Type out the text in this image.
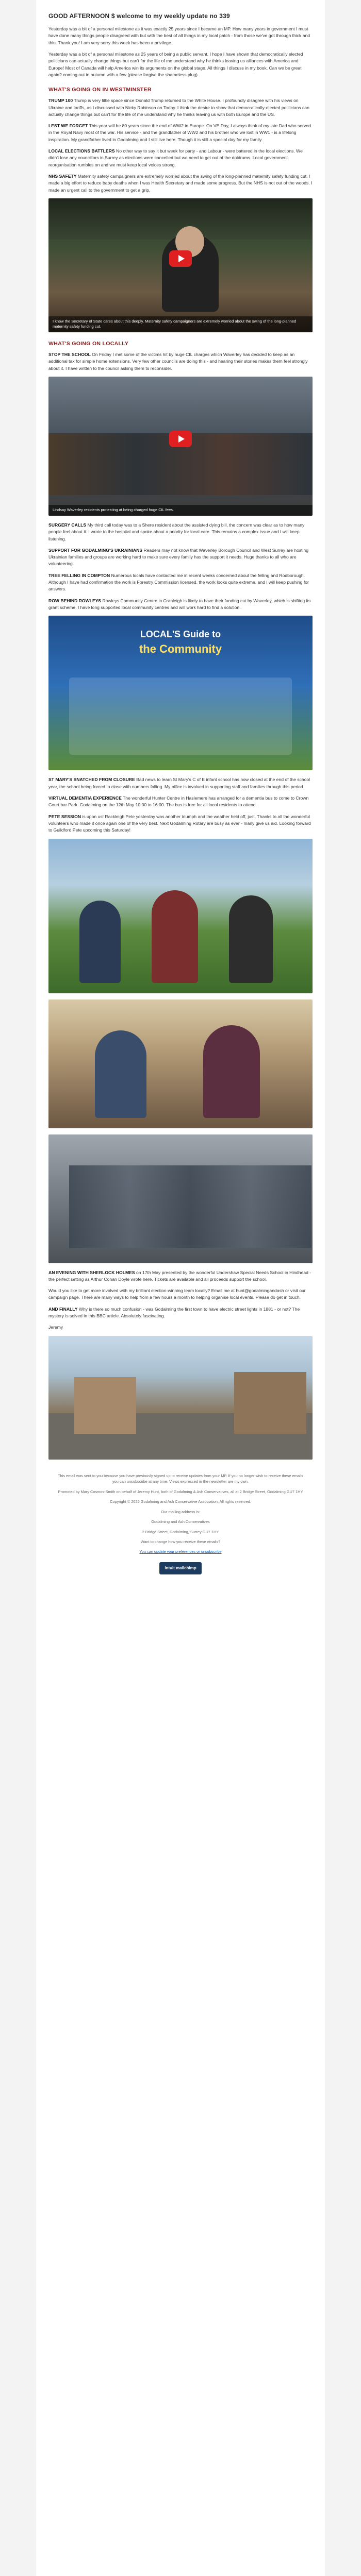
GOOD AFTERNOON $ welcome to my weekly update no 339

Yesterday was a bit of a personal milestone as it was exactly 25 years since I became an MP. How many years in government I must have done many things people disagreed with but with the best of all things in my local patch - from those we've got through thick and thin. Thank you! I am very sorry this week has been a privilege.

Yesterday was a bit of a personal milestone as 25 years of being a public servant. I hope I have shown that democratically elected politicians can actually change things but can't for the life of me understand why he thinks leaving us alliances with America and Europe! Most of Canada will help America win its arguments on the global stage. All things I discuss in my book. Can we be great again? coming out in autumn with a few (please forgive the shameless plug).

WHAT'S GOING ON IN WESTMINSTER

TRUMP 100 Trump is very little space since Donald Trump returned to the White House. I profoundly disagree with his views on Ukraine and tariffs, as I discussed with Nicky Robinson on Today. I think the desire to show that democratically-elected politicians can actually change things but can't for the life of me understand why he thinks leaving us with both Europe and the US.

LEST WE FORGET This year will be 80 years since the end of WW2 in Europe. On VE Day, I always think of my late Dad who served in the Royal Navy most of the war. His service - and the grandfather of WW2 and his brother who we lost in WW1 - is a lifelong inspiration. My grandfather lived in Godalming and I still live here. Though it is still a special day for my family.

LOCAL ELECTIONS BATTLERS No other way to say it but week for party - and Labour - were battered in the local elections. We didn't lose any councillors in Surrey as elections were cancelled but we need to get out of the doldrums. Local government reorganisation rumbles on and we must keep local voices strong.

NHS SAFETY Maternity safety campaigners are extremely worried about the swing of the long-planned maternity safety funding cut. I made a big effort to reduce baby deaths when I was Health Secretary and made some progress. But the NHS is not out of the woods. I made an urgent call to the government to get a grip.

I know the Secretary of State cares about this deeply. Maternity safety campaigners are extremely worried about the swing of the long-planned maternity safety funding cut.
WHAT'S GOING ON LOCALLY

STOP THE SCHOOL On Friday I met some of the victims hit by huge CIL charges which Waverley has decided to keep as an additional tax for simple home extensions. Very few other councils are doing this - and hearing their stories makes them feel strongly about it. I have written to the council asking them to reconsider.

Lindsay Waverley residents protesting at being charged huge CIL fees.

SURGERY CALLS My third call today was to a Shere resident about the assisted dying bill, the concern was clear as to how many people feel about it. I wrote to the hospital and spoke about a priority for local care. This remains a complex issue and I will keep listening.

SUPPORT FOR GODALMING'S UKRAINIANS Readers may not know that Waverley Borough Council and West Surrey are hosting Ukrainian families and groups are working hard to make sure every family has the support it needs. Huge thanks to all who are volunteering.

TREE FELLING IN COMPTON Numerous locals have contacted me in recent weeks concerned about the felling and Rodborough. Although I have had confirmation the work is Forestry Commission licensed, the work looks quite extreme, and I will keep pushing for answers.

ROW BEHIND ROWLEYS Rowleys Community Centre in Cranleigh is likely to have their funding cut by Waverley, which is shifting its grant scheme. I have long supported local community centres and will work hard to find a solution.

LOCAL'S Guide to
the Community

ST MARY'S SNATCHED FROM CLOSURE Bad news to learn St Mary's C of E infant school has now closed at the end of the school year, the school being forced to close with numbers falling. My office is involved in supporting staff and families through this period.

VIRTUAL DEMENTIA EXPERIENCE The wonderful Hunter Centre in Haslemere has arranged for a dementia bus to come to Crown Court bar Park. Godalming on the 12th May 10:00 to 16:00. The bus is free for all local residents to attend.

PETE SESSION is upon us! Rackleigh Pete yesterday was another triumph and the weather held off, just. Thanks to all the wonderful volunteers who made it once again one of the very best. Next Godalming Rotary are busy as ever - many give us aid. Looking forward to Guildford Pete upcoming this Saturday!

AN EVENING WITH SHERLOCK HOLMES on 17th May presented by the wonderful Undershaw Special Needs School in Hindhead - the perfect setting as Arthur Conan Doyle wrote here. Tickets are available and all proceeds support the school.

Would you like to get more involved with my brilliant election-winning team locally? Email me at hunt@godalmingandash or visit our campaign page. There are many ways to help from a few hours a month to helping organise local events. Please do get in touch.

AND FINALLY Why is there so much confusion - was Godalming the first town to have electric street lights in 1881 - or not? The mystery is solved in this BBC article. Absolutely fascinating.

Jeremy

This email was sent to you because you have previously signed up to receive updates from your MP. If you no longer wish to receive these emails you can unsubscribe at any time. Views expressed in the newsletter are my own.

Promoted by Mary Cosmos-Smith on behalf of Jeremy Hunt, both of Godalming & Ash Conservatives, all at 2 Bridge Street, Godalming GU7 1HY

Copyright © 2025 Godalming and Ash Conservative Association, All rights reserved.

Our mailing address is:

Godalming and Ash Conservatives

2 Bridge Street, Godalming, Surrey GU7 1HY

Want to change how you receive these emails?

You can update your preferences or unsubscribe

intuit mailchimp
